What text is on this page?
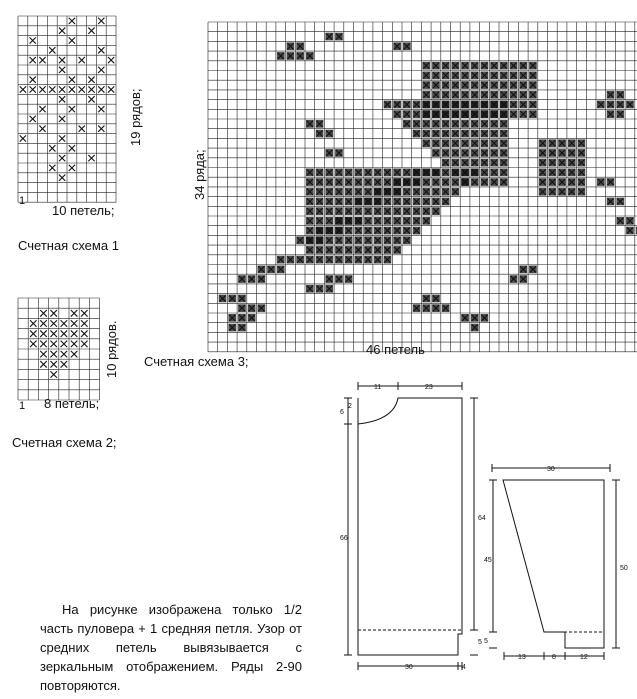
1
10 петель;
19 рядов;
Счетная схема 1
1 8 петель;
10 рядов.
Счетная схема 2;
34 ряда;
46 петель
Счетная схема 3;
11	23
6
2
66
64
5
30	4
30
45
50
5
13	8	12
На рисунке изображена только 1/2 часть пуловера + 1 средняя петля. Узор от средних петель вывязывается с зеркальным отображением. Ряды 2-90 повторяются.
